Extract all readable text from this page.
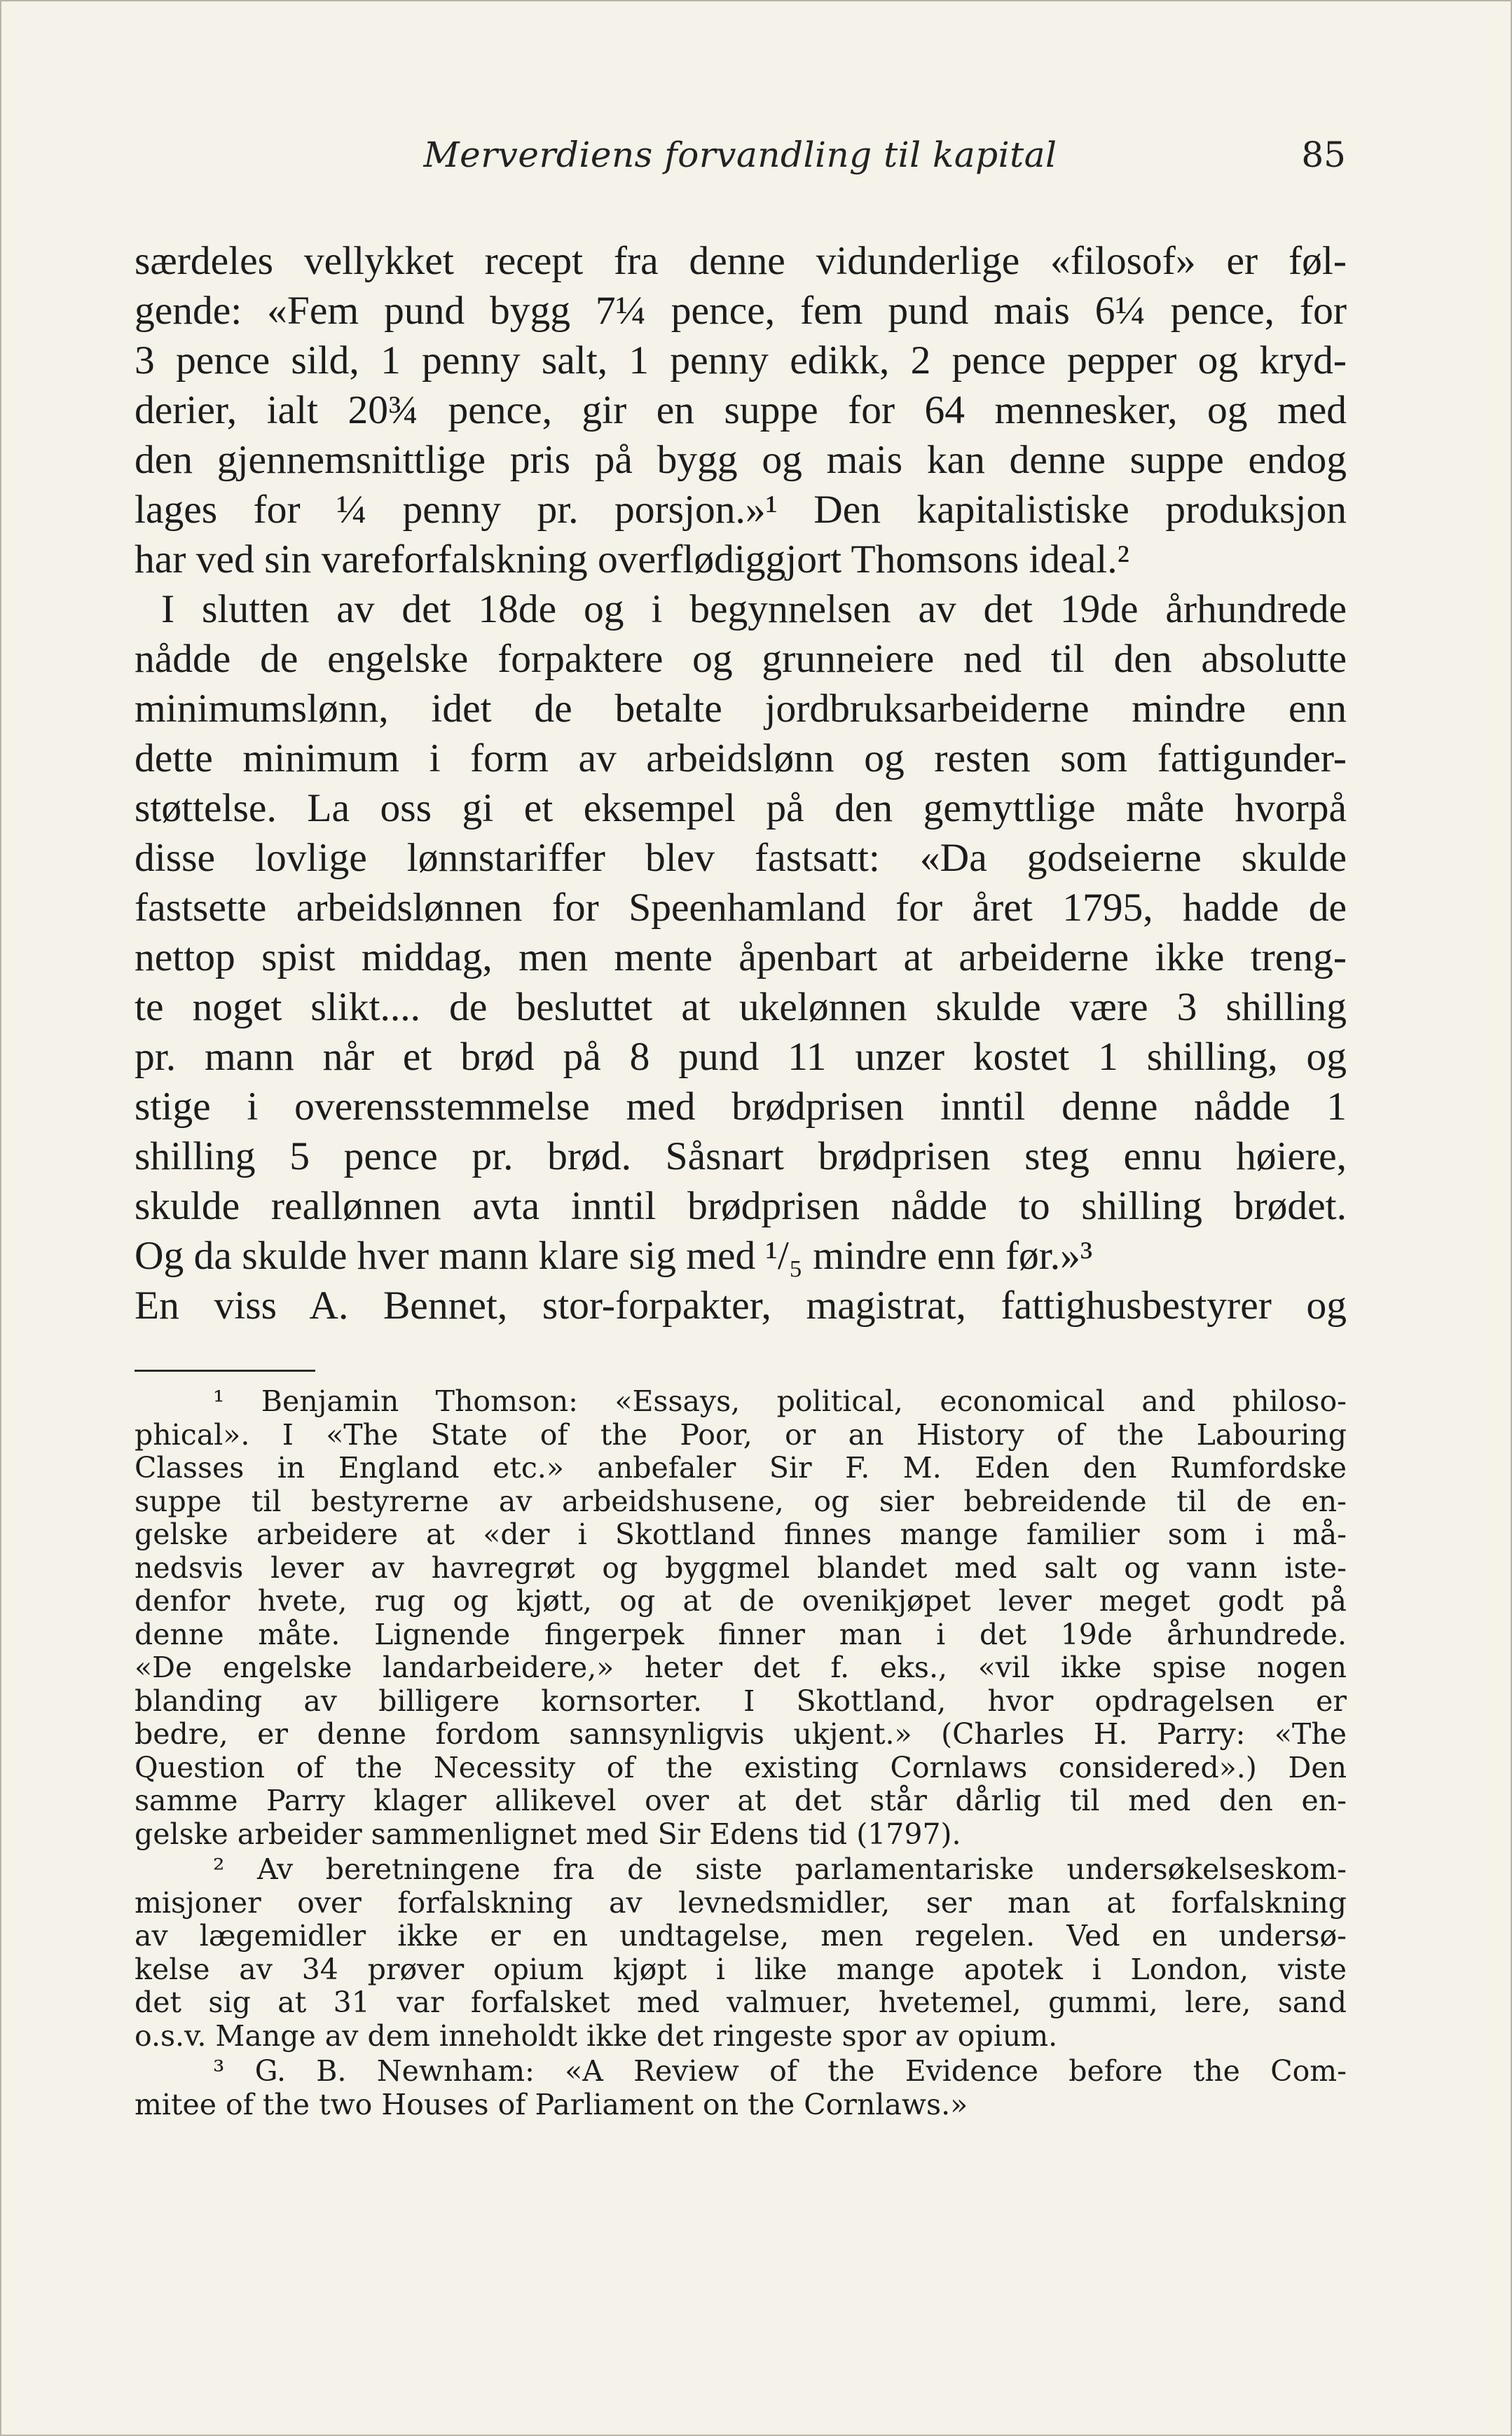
Merverdiens forvandling til kapital	85
særdeles vellykket recept fra denne vidunderlige «filosof» er føl-
gende: «Fem pund bygg 7¼ pence, fem pund mais 6¼ pence, for
3 pence sild, 1 penny salt, 1 penny edikk, 2 pence pepper og kryd-
derier, ialt 20¾ pence, gir en suppe for 64 mennesker, og med
den gjennemsnittlige pris på bygg og mais kan denne suppe endog
lages for ¼ penny pr. porsjon.»¹ Den kapitalistiske produksjon
har ved sin vareforfalskning overflødiggjort Thomsons ideal.²
I slutten av det 18de og i begynnelsen av det 19de århundrede
nådde de engelske forpaktere og grunneiere ned til den absolutte
minimumslønn, idet de betalte jordbruksarbeiderne mindre enn
dette minimum i form av arbeidslønn og resten som fattigunder-
støttelse. La oss gi et eksempel på den gemyttlige måte hvorpå
disse lovlige lønnstariffer blev fastsatt: «Da godseierne skulde
fastsette arbeidslønnen for Speenhamland for året 1795, hadde de
nettop spist middag, men mente åpenbart at arbeiderne ikke treng-
te noget slikt.... de besluttet at ukelønnen skulde være 3 shilling
pr. mann når et brød på 8 pund 11 unzer kostet 1 shilling, og
stige i overensstemmelse med brødprisen inntil denne nådde 1
shilling 5 pence pr. brød. Såsnart brødprisen steg ennu høiere,
skulde reallønnen avta inntil brødprisen nådde to shilling brødet.
Og da skulde hver mann klare sig med ¹/₅ mindre enn før.»³
En viss A. Bennet, stor-forpakter, magistrat, fattighusbestyrer og
¹ Benjamin Thomson: «Essays, political, economical and philoso-
phical». I «The State of the Poor, or an History of the Labouring
Classes in England etc.» anbefaler Sir F. M. Eden den Rumfordske
suppe til bestyrerne av arbeidshusene, og sier bebreidende til de en-
gelske arbeidere at «der i Skottland finnes mange familier som i må-
nedsvis lever av havregrøt og byggmel blandet med salt og vann iste-
denfor hvete, rug og kjøtt, og at de ovenikjøpet lever meget godt på
denne måte. Lignende fingerpek finner man i det 19de århundrede.
«De engelske landarbeidere,» heter det f. eks., «vil ikke spise nogen
blanding av billigere kornsorter. I Skottland, hvor opdragelsen er
bedre, er denne fordom sannsynligvis ukjent.» (Charles H. Parry: «The
Question of the Necessity of the existing Cornlaws considered».) Den
samme Parry klager allikevel over at det står dårlig til med den en-
gelske arbeider sammenlignet med Sir Edens tid (1797).
² Av beretningene fra de siste parlamentariske undersøkelseskom-
misjoner over forfalskning av levnedsmidler, ser man at forfalskning
av lægemidler ikke er en undtagelse, men regelen. Ved en undersø-
kelse av 34 prøver opium kjøpt i like mange apotek i London, viste
det sig at 31 var forfalsket med valmuer, hvetemel, gummi, lere, sand
o.s.v. Mange av dem inneholdt ikke det ringeste spor av opium.
³ G. B. Newnham: «A Review of the Evidence before the Com-
mitee of the two Houses of Parliament on the Cornlaws.»
